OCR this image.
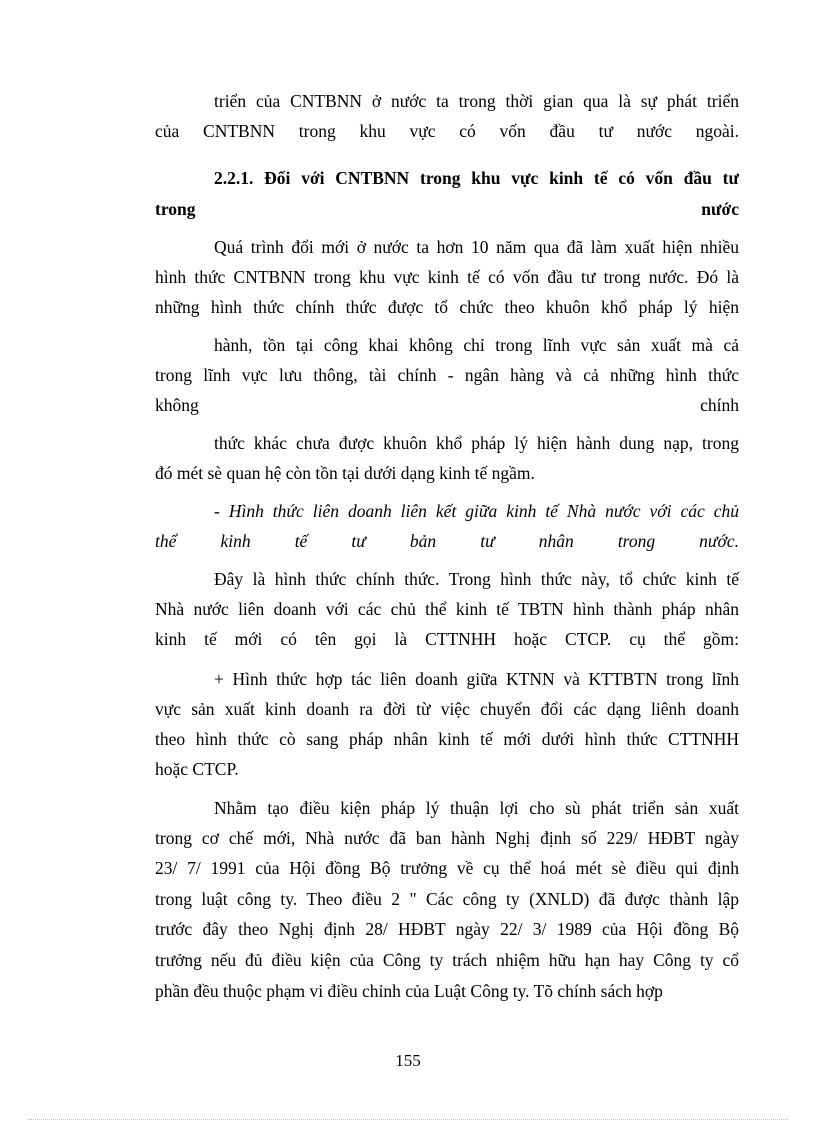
triển của CNTBNN ở nước ta trong thời gian qua là sự phát triển
của CNTBNN trong khu vực có vốn đầu tư nước ngoài.
2.2.1. Đối với CNTBNN trong khu vực kinh tế có vốn đầu tư
trong	nước
Quá trình đổi mới ở nước ta hơn 10 năm qua đã làm xuất hiện nhiều
hình thức CNTBNN trong khu vực kinh tế có vốn đầu tư trong nước. Đó là
những hình thức chính thức được tổ chức theo khuôn khổ pháp lý hiện
hành, tồn tại công khai không chỉ trong lĩnh vực sản xuất mà cả
trong lĩnh vực lưu thông, tài chính - ngân hàng và cả những hình thức
không	chính
thức khác chưa được khuôn khổ pháp lý hiện hành dung nạp, trong
đó mét sè quan hệ còn tồn tại dưới dạng kinh tế ngầm.
- Hình thức liên doanh liên kết giữa kinh tế Nhà nước với các chủ
thể	kinh	tế	tư	bản	tư	nhân	trong	nước.
Đây là hình thức chính thức. Trong hình thức này, tổ chức kinh tế
Nhà nước liên doanh với các chủ thể kinh tế TBTN hình thành pháp nhân
kinh tế mới có tên gọi là CTTNHH hoặc CTCP. cụ thể gồm:
+ Hình thức hợp tác liên doanh giữa KTNN và KTTBTN trong lĩnh
vực sản xuất kinh doanh ra đời từ việc chuyển đổi các dạng liênh doanh
theo hình thức cò sang pháp nhân kinh tế mới dưới hình thức CTTNHH
hoặc CTCP.
Nhằm tạo điều kiện pháp lý thuận lợi cho sù phát triển sản xuất
trong cơ chế mới, Nhà nước đã ban hành Nghị định số 229/ HĐBT ngày
23/ 7/ 1991 của Hội đồng Bộ trưởng về cụ thể hoá mét sè điều qui định
trong luật công ty. Theo điều 2 " Các công ty (XNLD) đã được thành lập
trước đây theo Nghị định 28/ HĐBT ngày 22/ 3/ 1989 của Hội đồng Bộ
trưởng nếu đủ điều kiện của Công ty trách nhiệm hữu hạn hay Công ty cổ
phần đều thuộc phạm vi điều chỉnh của Luật Công ty. Tõ chính sách hợp
155
